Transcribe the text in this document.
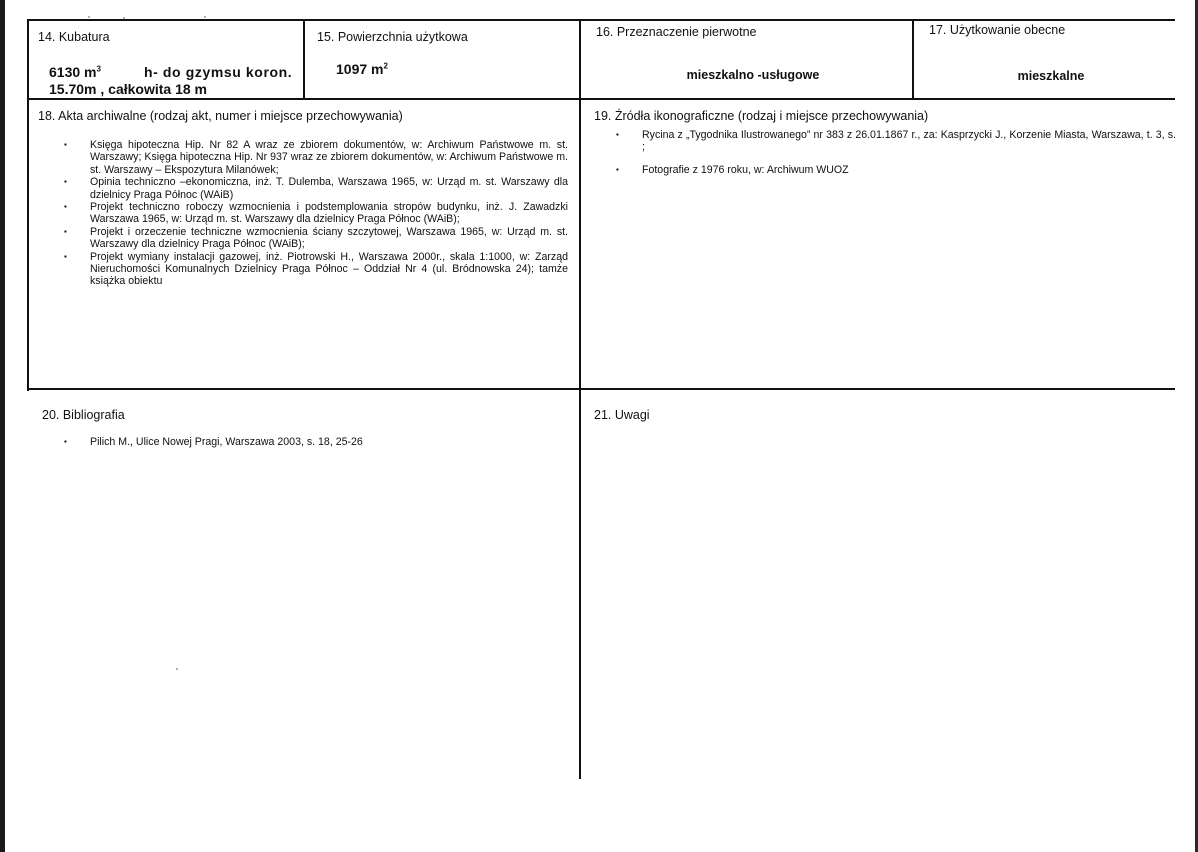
14. Kubatura
6130 $m^3$	h- do gzymsu koron.
15.70m , całkowita 18 m
15. Powierzchnia użytkowa
1097 $m^2$
16. Przeznaczenie pierwotne
mieszkalno -usługowe
17. Użytkowanie obecne
mieszkalne
18. Akta archiwalne (rodzaj akt, numer i miejsce przechowywania)
▪ Księga hipoteczna Hip. Nr 82 A wraz ze zbiorem dokumentów, w: Archiwum Państwowe m. st. Warszawy; Księga hipoteczna Hip. Nr 937 wraz ze zbiorem dokumentów, w: Archiwum Państwowe m. st. Warszawy – Ekspozytura Milanówek;
▪ Opinia techniczno –ekonomiczna, inż. T. Dulemba, Warszawa 1965, w: Urząd m. st. Warszawy dla dzielnicy Praga Północ (WAiB)
▪ Projekt techniczno roboczy wzmocnienia i podstemplowania stropów budynku, inż. J. Zawadzki Warszawa 1965, w: Urząd m. st. Warszawy dla dzielnicy Praga Północ (WAiB);
▪ Projekt i orzeczenie techniczne wzmocnienia ściany szczytowej, Warszawa 1965, w: Urząd m. st. Warszawy dla dzielnicy Praga Północ (WAiB);
▪ Projekt wymiany instalacji gazowej, inż. Piotrowski H., Warszawa 2000r., skala 1:1000, w: Zarząd Nieruchomości Komunalnych Dzielnicy Praga Północ – Oddział Nr 4 (ul. Bródnowska 24); tamże książka obiektu
19. Źródła ikonograficzne (rodzaj i miejsce przechowywania)
▪ Rycina z „Tygodnika Ilustrowanego” nr 383 z 26.01.1867 r., za: Kasprzycki J., Korzenie Miasta, Warszawa, t. 3, s. ;
▪ Fotografie z 1976 roku, w: Archiwum WUOZ
20. Bibliografia
▪ Pilich M., Ulice Nowej Pragi, Warszawa 2003, s. 18, 25-26
21. Uwagi
